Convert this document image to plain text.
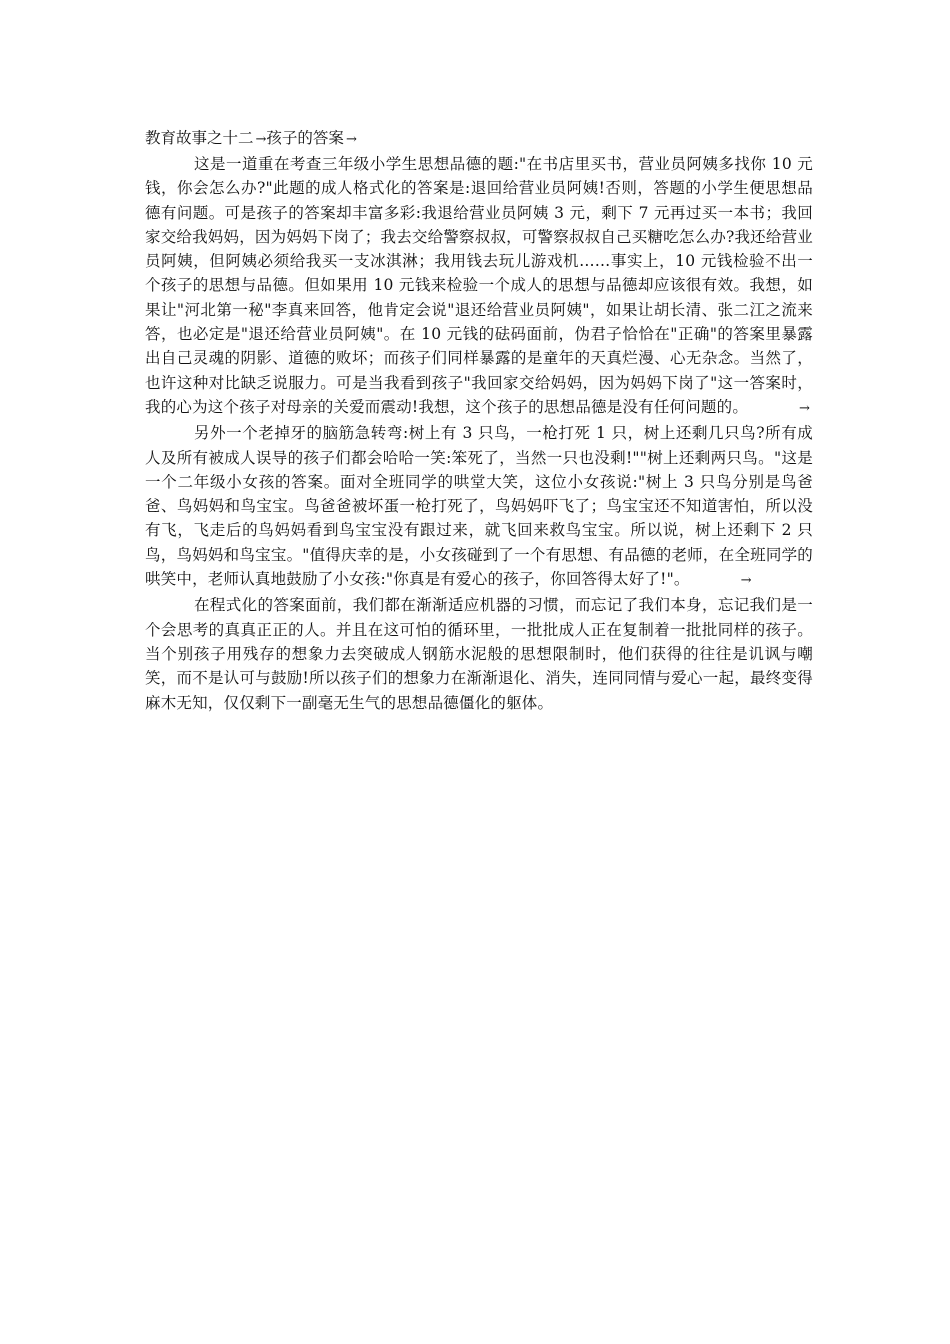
教育故事之十二 →孩子的答案 →

这是一道重在考查三年级小学生思想品德的题:"在书店里买书，营业员阿姨多找你 10 元钱，你会怎么办?"此题的成人格式化的答案是:退回给营业员阿姨!否则，答题的小学生便思想品德有问题。可是孩子的答案却丰富多彩:我退给营业员阿姨 3 元，剩下 7 元再过买一本书；我回家交给我妈妈，因为妈妈下岗了；我去交给警察叔叔，可警察叔叔自己买糖吃怎么办?我还给营业员阿姨，但阿姨必须给我买一支冰淇淋；我用钱去玩儿游戏机……事实上，10 元钱检验不出一个孩子的思想与品德。但如果用 10 元钱来检验一个成人的思想与品德却应该很有效。我想，如果让"河北第一秘"李真来回答，他肯定会说"退还给营业员阿姨"，如果让胡长清、张二江之流来答，也必定是"退还给营业员阿姨"。在 10 元钱的砝码面前，伪君子恰恰在"正确"的答案里暴露出自己灵魂的阴影、道德的败坏；而孩子们同样暴露的是童年的天真烂漫、心无杂念。当然了，也许这种对比缺乏说服力。可是当我看到孩子"我回家交给妈妈，因为妈妈下岗了"这一答案时，我的心为这个孩子对母亲的关爱而震动!我想，这个孩子的思想品德是没有任何问题的。	→

另外一个老掉牙的脑筋急转弯:树上有 3 只鸟，一枪打死 1 只，树上还剩几只鸟?所有成人及所有被成人误导的孩子们都会哈哈一笑:笨死了，当然一只也没剩!""树上还剩两只鸟。"这是一个二年级小女孩的答案。面对全班同学的哄堂大笑，这位小女孩说:"树上 3 只鸟分别是鸟爸爸、鸟妈妈和鸟宝宝。鸟爸爸被坏蛋一枪打死了，鸟妈妈吓飞了；鸟宝宝还不知道害怕，所以没有飞，飞走后的鸟妈妈看到鸟宝宝没有跟过来，就飞回来救鸟宝宝。所以说，树上还剩下 2 只鸟，鸟妈妈和鸟宝宝。"值得庆幸的是，小女孩碰到了一个有思想、有品德的老师，在全班同学的哄笑中，老师认真地鼓励了小女孩:"你真是有爱心的孩子，你回答得太好了!"。	→

在程式化的答案面前，我们都在渐渐适应机器的习惯，而忘记了我们本身，忘记我们是一个会思考的真真正正的人。并且在这可怕的循环里，一批批成人正在复制着一批批同样的孩子。当个别孩子用残存的想象力去突破成人钢筋水泥般的思想限制时，他们获得的往往是讥讽与嘲笑，而不是认可与鼓励!所以孩子们的想象力在渐渐退化、消失，连同同情与爱心一起，最终变得麻木无知，仅仅剩下一副毫无生气的思想品德僵化的躯体。
